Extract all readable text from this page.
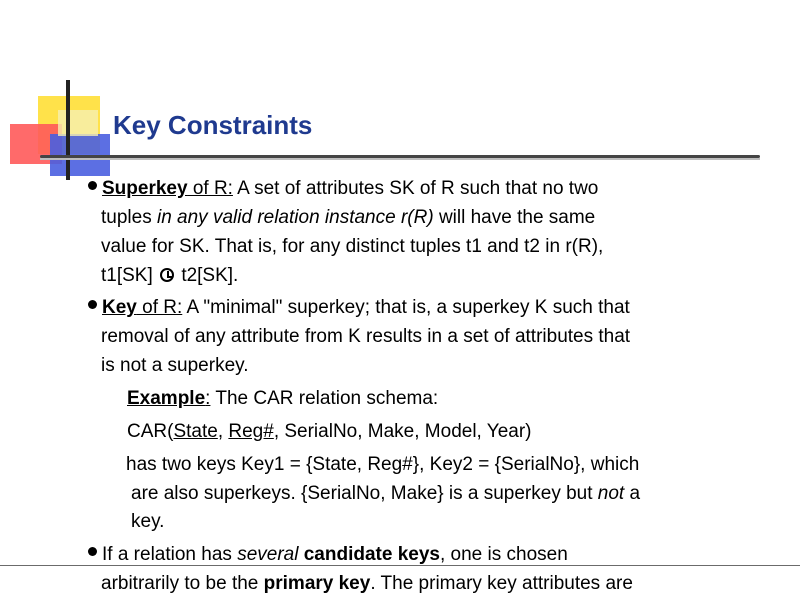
Key Constraints
Superkey of R: A set of attributes SK of R such that no two
tuples in any valid relation instance r(R) will have the same
value for SK. That is, for any distinct tuples t1 and t2 in r(R),
t1[SK] t2[SK].
Key of R: A "minimal" superkey; that is, a superkey K such that
removal of any attribute from K results in a set of attributes that
is not a superkey.
Example: The CAR relation schema:
CAR(State, Reg#, SerialNo, Make, Model, Year)
has two keys Key1 = {State, Reg#}, Key2 = {SerialNo}, which
are also superkeys. {SerialNo, Make} is a superkey but not a
key.
If a relation has several candidate keys, one is chosen
arbitrarily to be the primary key. The primary key attributes are
